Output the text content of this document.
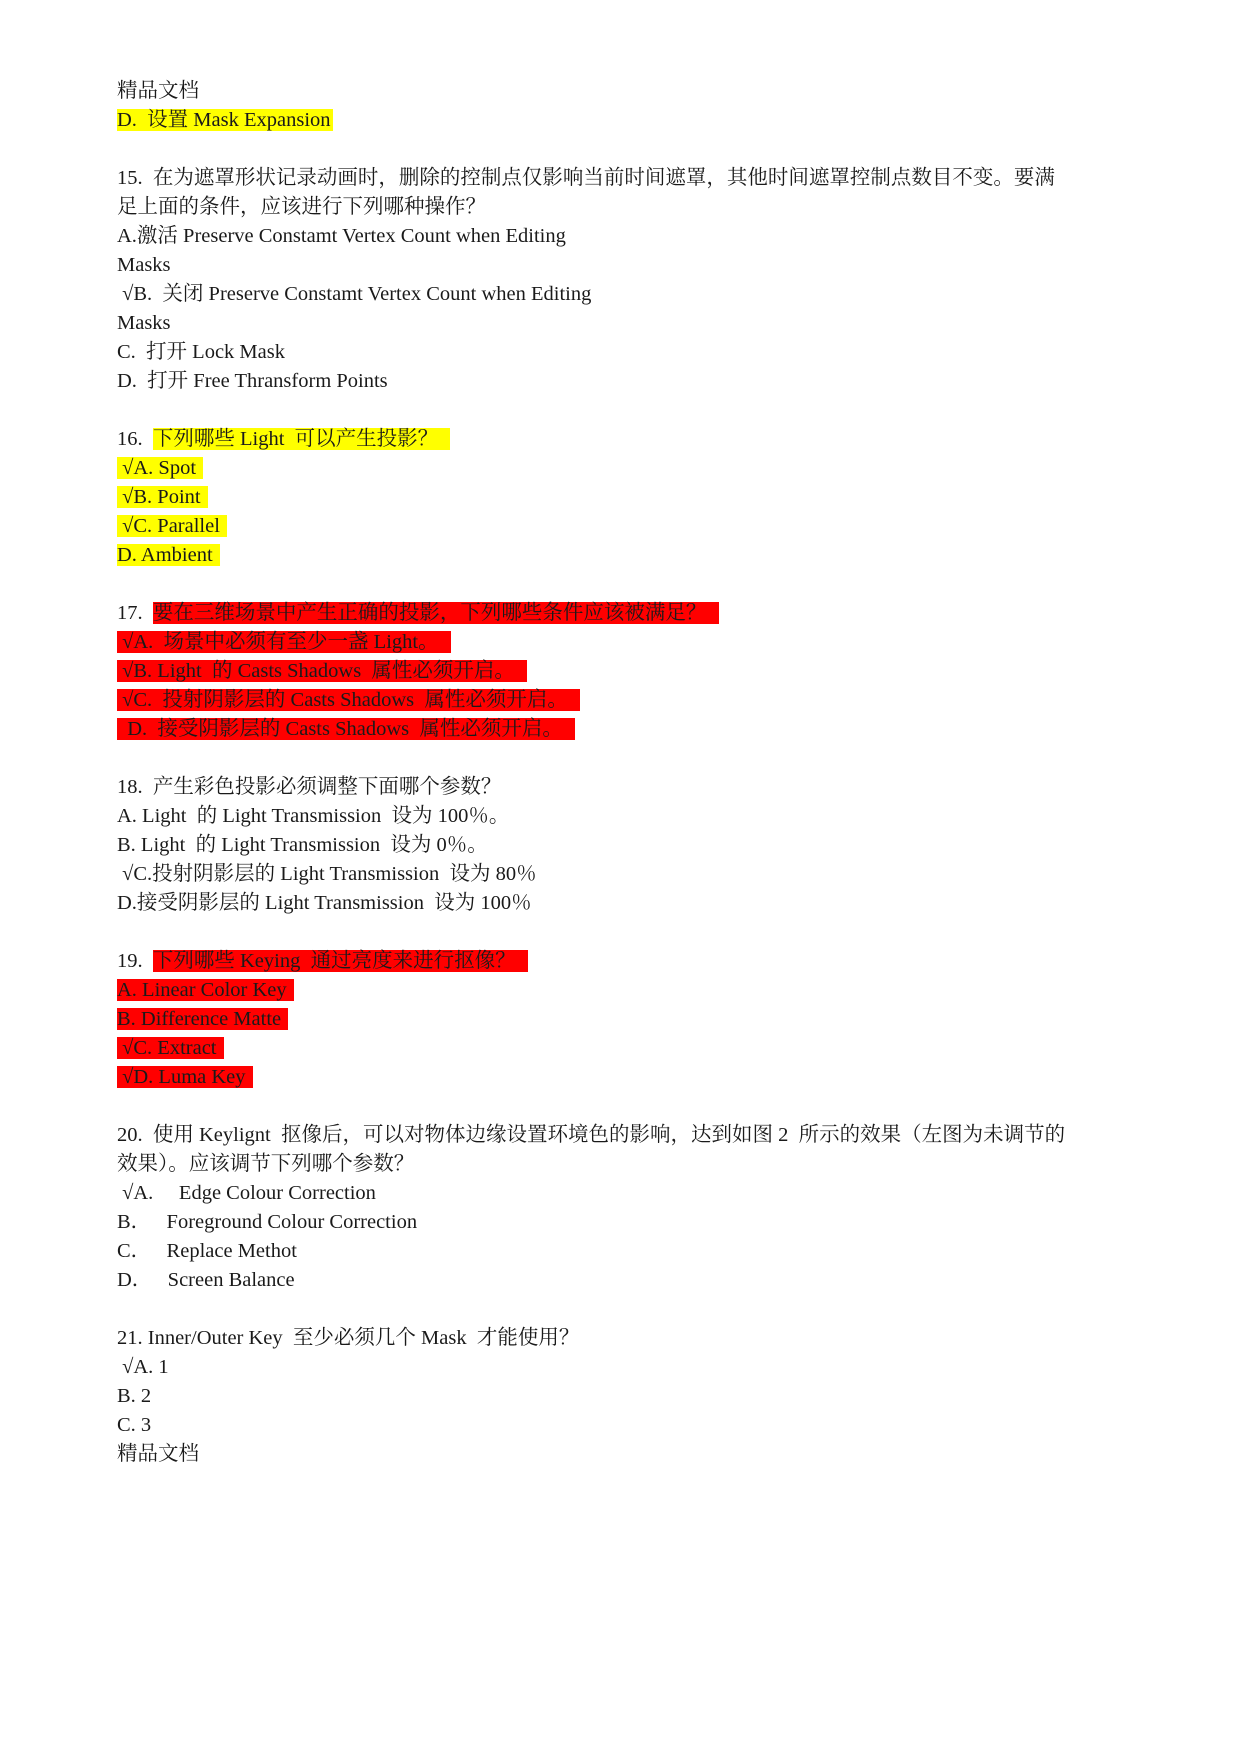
精品文档
D.  设置 Mask Expansion
15.  在为遮罩形状记录动画时，删除的控制点仅影响当前时间遮罩，其他时间遮罩控制点数目不变。要满
足上面的条件，应该进行下列哪种操作？
A.激活 Preserve Constamt Vertex Count when Editing
Masks
√B.  关闭 Preserve Constamt Vertex Count when Editing
Masks
C.  打开 Lock Mask
D.  打开 Free Thransform Points
16.  下列哪些 Light  可以产生投影？
√A. Spot
√B. Point
√C. Parallel
D. Ambient
17.  要在三维场景中产生正确的投影，下列哪些条件应该被满足？
√A.  场景中必须有至少一盏 Light。
√B. Light  的 Casts Shadows  属性必须开启。
√C.  投射阴影层的 Casts Shadows  属性必须开启。
D.  接受阴影层的 Casts Shadows  属性必须开启。
18.  产生彩色投影必须调整下面哪个参数？
A. Light  的 Light Transmission  设为 100％。
B. Light  的 Light Transmission  设为 0％。
√C.投射阴影层的 Light Transmission  设为 80％
D.接受阴影层的 Light Transmission  设为 100％
19.  下列哪些 Keying  通过亮度来进行抠像？
A. Linear Color Key
B. Difference Matte
√C. Extract
√D. Luma Key
20.  使用 Keylignt  抠像后，可以对物体边缘设置环境色的影响，达到如图 2  所示的效果（左图为未调节的
效果）。应该调节下列哪个参数？
√A.     Edge Colour Correction
B．   Foreground Colour Correction
C．   Replace Methot
D．   Screen Balance
21. Inner/Outer Key  至少必须几个 Mask  才能使用？
√A. 1
B. 2
C. 3
精品文档
